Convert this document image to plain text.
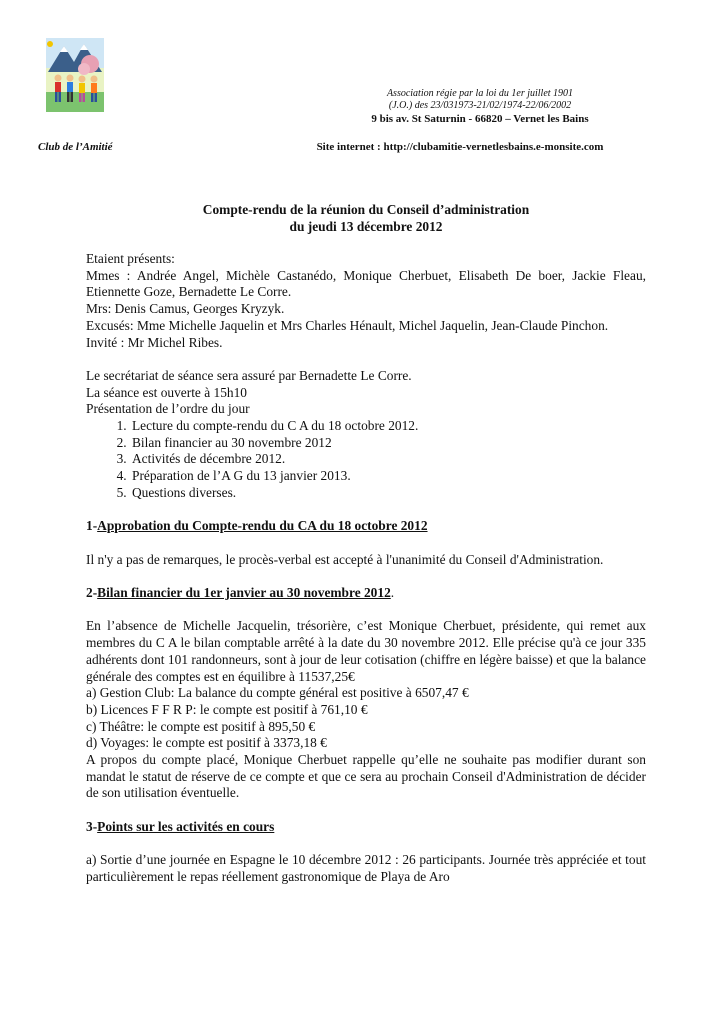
Association régie par la loi du 1er juillet 1901
(J.O.) des 23/031973-21/02/1974-22/06/2002
9 bis av. St Saturnin - 66820 – Vernet les Bains
Club de l’Amitié	Site internet : http://clubamitie-vernetlesbains.e-monsite.com
Compte-rendu de la réunion du Conseil d’administration
du jeudi 13 décembre 2012

Etaient présents:

Mmes : Andrée Angel, Michèle Castanédo, Monique Cherbuet, Elisabeth De boer, Jackie Fleau, Etiennette Goze, Bernadette Le Corre.

Mrs: Denis Camus, Georges Kryzyk.

Excusés: Mme Michelle Jaquelin et Mrs Charles Hénault, Michel Jaquelin, Jean-Claude Pinchon.

Invité : Mr Michel Ribes.

Le secrétariat de séance sera assuré par Bernadette Le Corre.

La séance est ouverte à 15h10

Présentation de l’ordre du jour

1. Lecture du compte-rendu du C A du 18 octobre 2012.
2. Bilan financier au 30 novembre 2012
3. Activités de décembre 2012.
4. Préparation de l’A G du 13 janvier 2013.
5. Questions diverses.

1-Approbation du Compte-rendu du CA du 18 octobre 2012

Il n'y a pas de remarques, le procès-verbal est accepté à l'unanimité du Conseil d'Administration.

2-Bilan financier du 1er janvier au 30 novembre 2012.

En l’absence de Michelle Jacquelin, trésorière, c’est Monique Cherbuet, présidente, qui remet aux membres du C A le bilan comptable arrêté à la date du 30 novembre 2012. Elle précise qu'à ce jour 335 adhérents dont 101 randonneurs, sont à jour de leur cotisation (chiffre en légère baisse) et que la balance générale des comptes est en équilibre à 11537,25€

a) Gestion Club: La balance du compte général est positive à 6507,47 €

b) Licences F F R P: le compte est positif à 761,10 €

c) Théâtre: le compte est positif à 895,50 €

d) Voyages: le compte est positif à 3373,18 €

A propos du compte placé, Monique Cherbuet rappelle qu’elle ne souhaite pas modifier durant son mandat le statut de réserve de ce compte et que ce sera au prochain Conseil d'Administration de décider de son utilisation éventuelle.

3-Points sur les activités en cours

a) Sortie d’une journée en Espagne le 10 décembre 2012 : 26 participants. Journée très appréciée et tout particulièrement le repas réellement gastronomique de Playa de Aro
